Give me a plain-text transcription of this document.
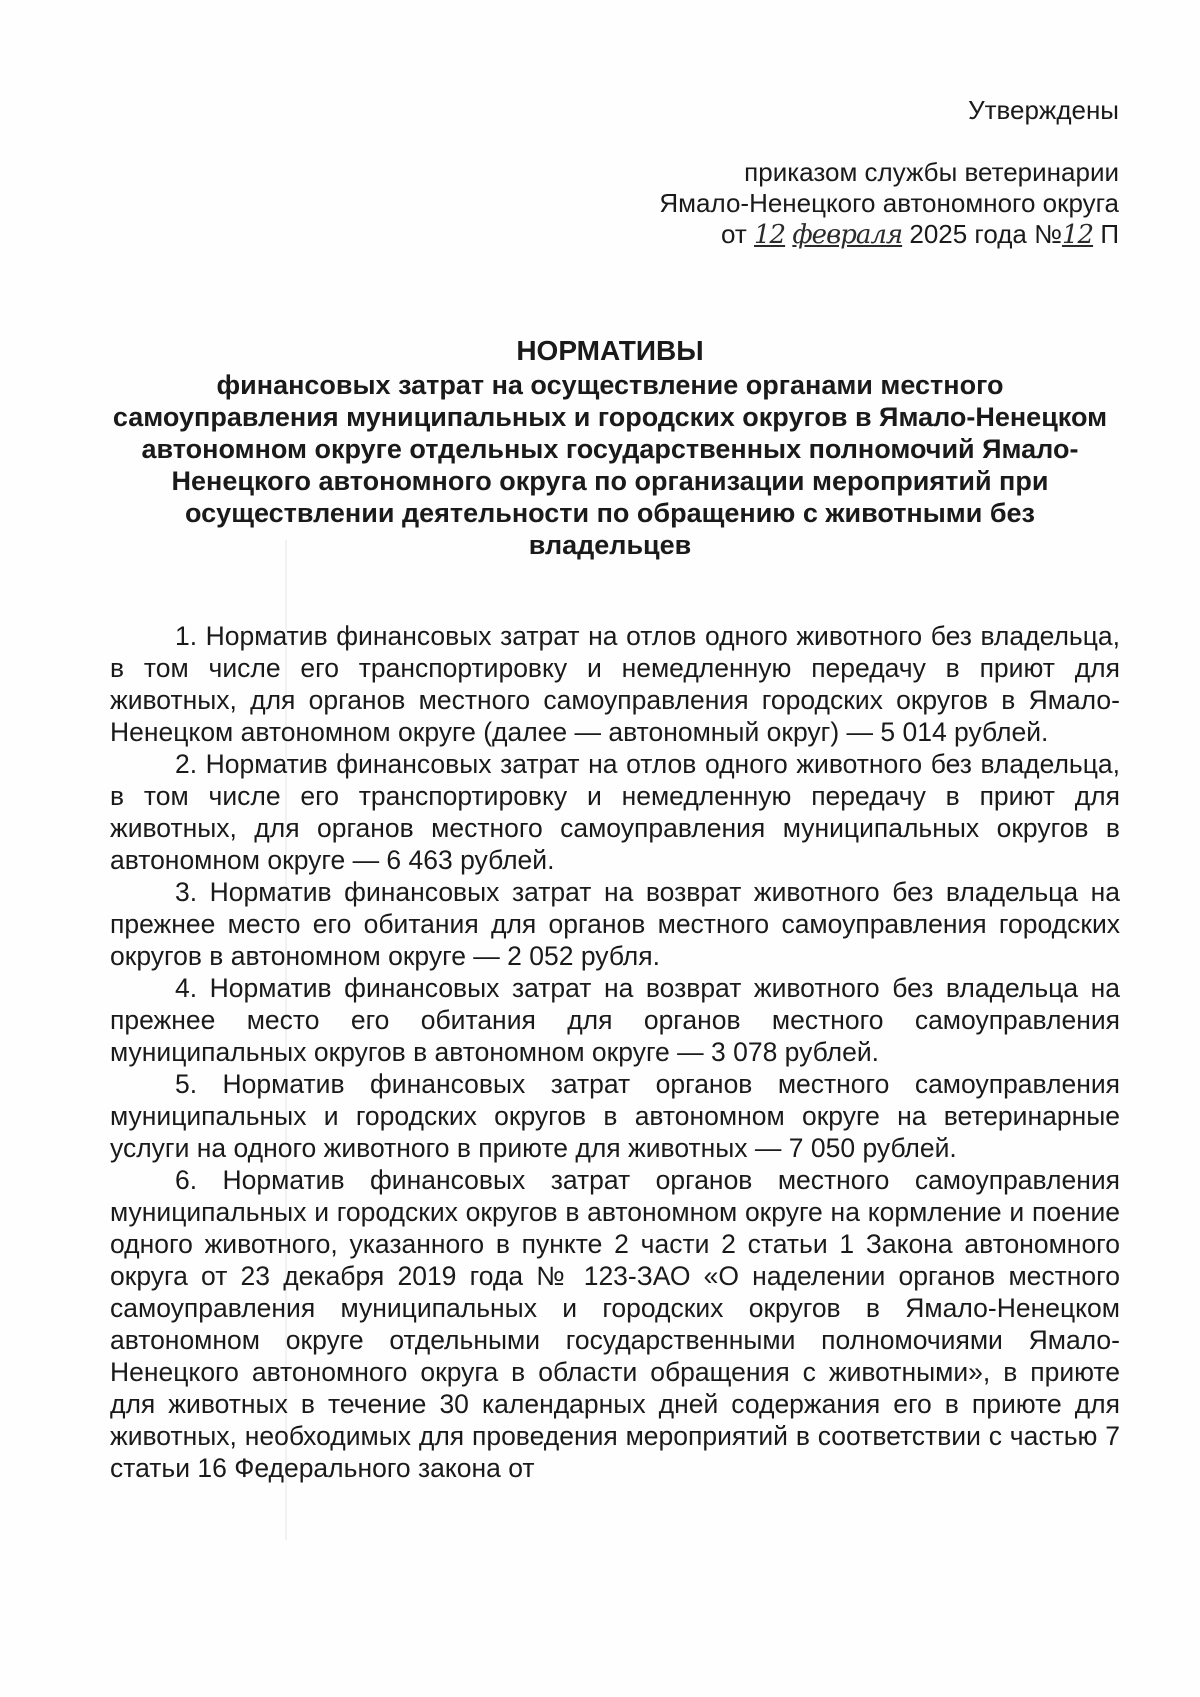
Утверждены
приказом службы ветеринарии
Ямало-Ненецкого автономного округа
от 12 февраля 2025 года №12 П
НОРМАТИВЫ
финансовых затрат на осуществление органами местного самоуправления муниципальных и городских округов в Ямало-Ненецком автономном округе отдельных государственных полномочий Ямало-Ненецкого автономного округа по организации мероприятий при осуществлении деятельности по обращению с животными без владельцев

1. Норматив финансовых затрат на отлов одного животного без владельца, в том числе его транспортировку и немедленную передачу в приют для животных, для органов местного самоуправления городских округов в Ямало-Ненецком автономном округе (далее — автономный округ) — 5 014 рублей.

2. Норматив финансовых затрат на отлов одного животного без владельца, в том числе его транспортировку и немедленную передачу в приют для животных, для органов местного самоуправления муниципальных округов в автономном округе — 6 463 рублей.

3. Норматив финансовых затрат на возврат животного без владельца на прежнее место его обитания для органов местного самоуправления городских округов в автономном округе — 2 052 рубля.

4. Норматив финансовых затрат на возврат животного без владельца на прежнее место его обитания для органов местного самоуправления муниципальных округов в автономном округе — 3 078 рублей.

5. Норматив финансовых затрат органов местного самоуправления муниципальных и городских округов в автономном округе на ветеринарные услуги на одного животного в приюте для животных — 7 050 рублей.

6. Норматив финансовых затрат органов местного самоуправления муниципальных и городских округов в автономном округе на кормление и поение одного животного, указанного в пункте 2 части 2 статьи 1 Закона автономного округа от 23 декабря 2019 года № 123-ЗАО «О наделении органов местного самоуправления муниципальных и городских округов в Ямало-Ненецком автономном округе отдельными государственными полномочиями Ямало-Ненецкого автономного округа в области обращения с животными», в приюте для животных в течение 30 календарных дней содержания его в приюте для животных, необходимых для проведения мероприятий в соответствии с частью 7 статьи 16 Федерального закона от
